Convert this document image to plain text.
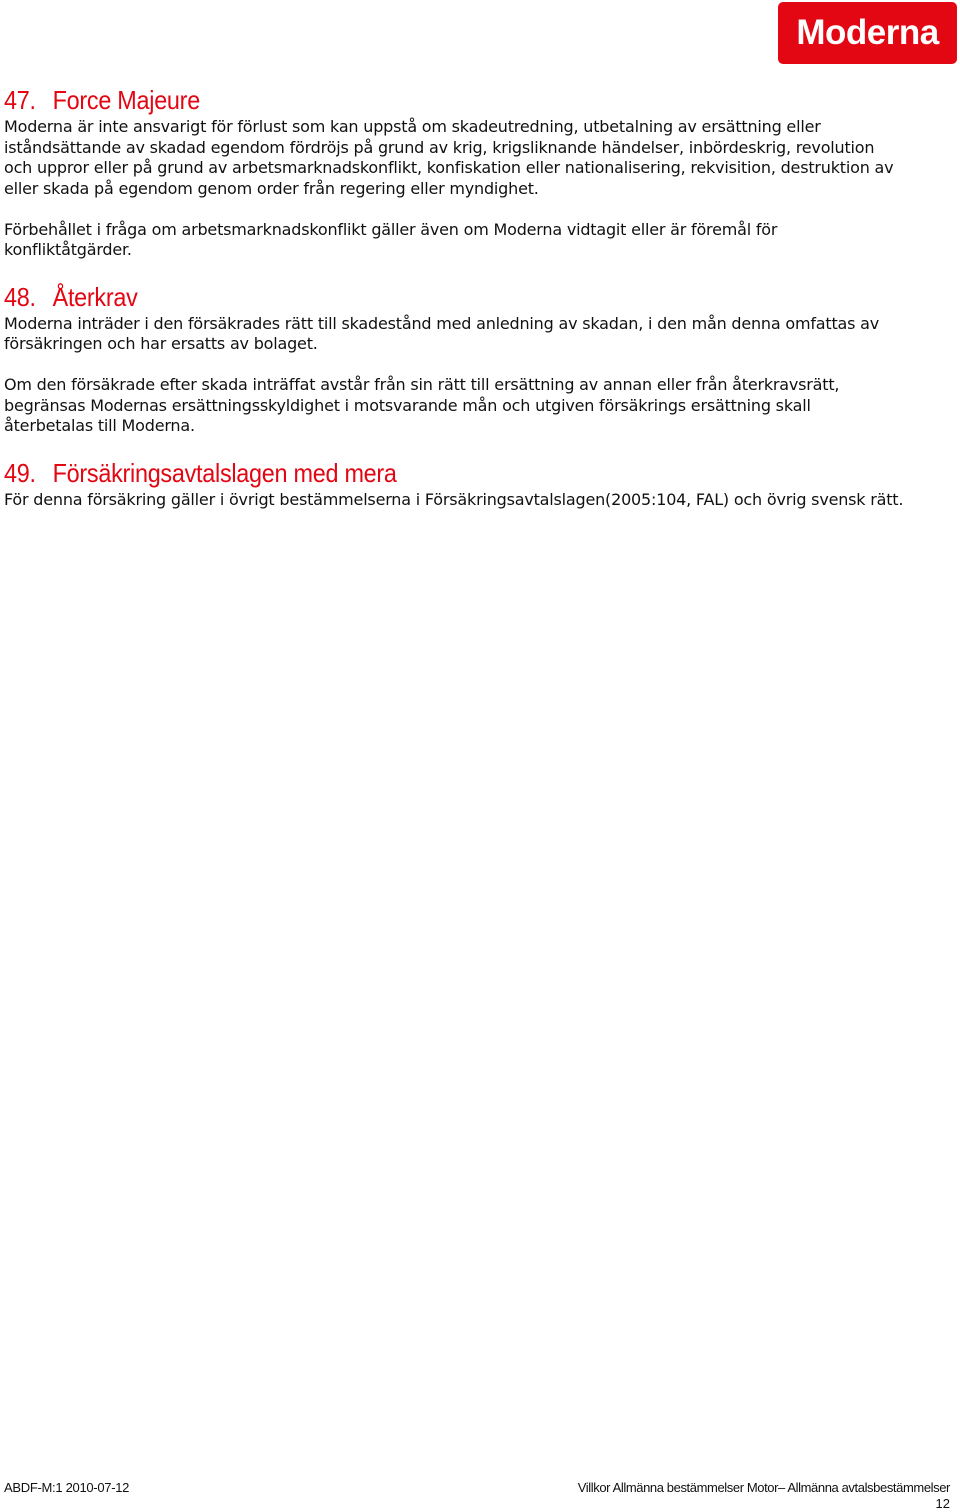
Moderna
47. Force Majeure

Moderna är inte ansvarigt för förlust som kan uppstå om skadeutredning, utbetalning av ersättning eller iståndsättande av skadad egendom fördröjs på grund av krig, krigsliknande händelser, inbördeskrig, revolution och uppror eller på grund av arbetsmarknadskonflikt, konfiskation eller nationalisering, rekvisition, destruktion av eller skada på egendom genom order från regering eller myndighet.

Förbehållet i fråga om arbetsmarknadskonflikt gäller även om Moderna vidtagit eller är föremål för konfliktåtgärder.

48. Återkrav

Moderna inträder i den försäkrades rätt till skadestånd med anledning av skadan, i den mån denna omfattas av försäkringen och har ersatts av bolaget.

Om den försäkrade efter skada inträffat avstår från sin rätt till ersättning av annan eller från återkravsrätt, begränsas Modernas ersättningsskyldighet i motsvarande mån och utgiven försäkrings ersättning skall återbetalas till Moderna.

49. Försäkringsavtalslagen med mera

För denna försäkring gäller i övrigt bestämmelserna i Försäkringsavtalslagen(2005:104, FAL) och övrig svensk rätt.

ABDF-M:1 2010-07-12	Villkor Allmänna bestämmelser Motor– Allmänna avtalsbestämmelser
12
